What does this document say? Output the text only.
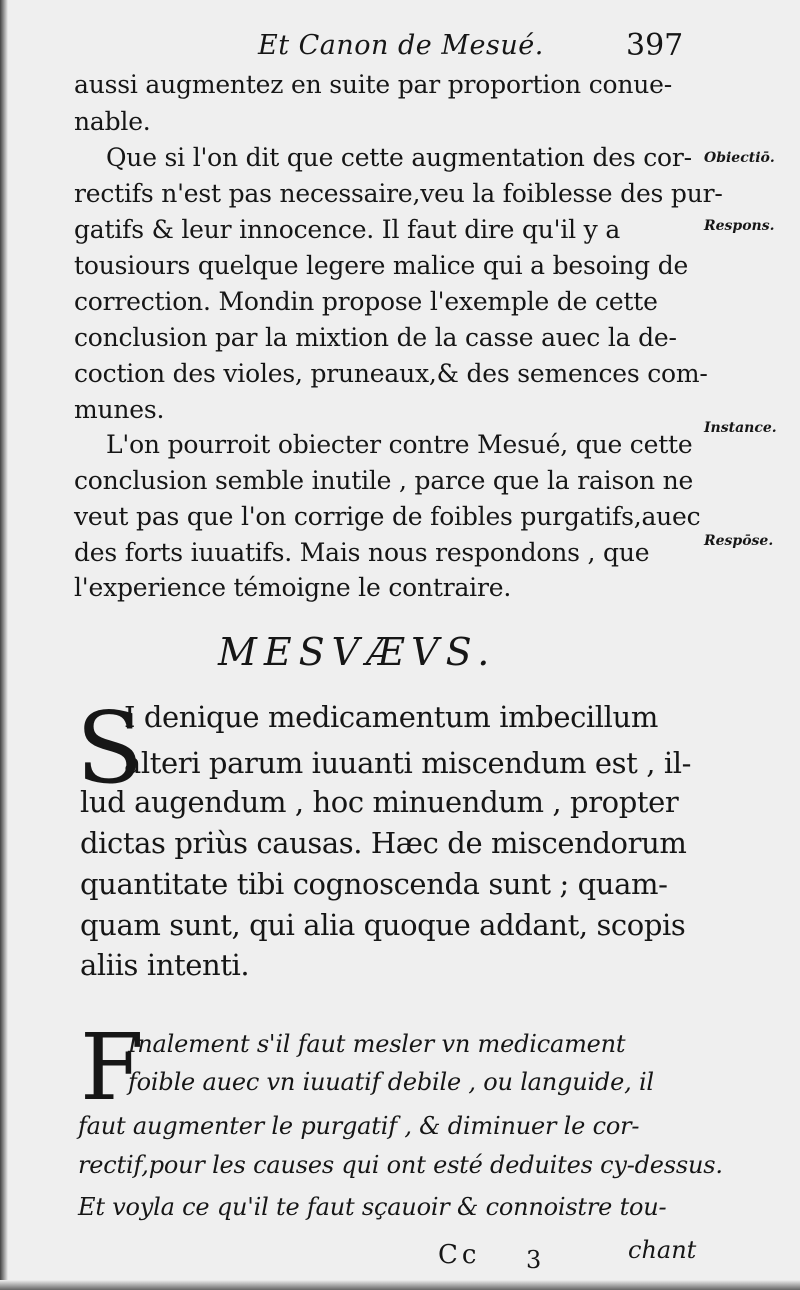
Et Canon de Mesué.	397
aussi augmentez en suite par proportion conue-
nable.
Que si l'on dit que cette augmentation des cor-
rectifs n'est pas necessaire,veu la foiblesse des pur-
gatifs & leur innocence. Il faut dire qu'il y a
tousiours quelque legere malice qui a besoing de
correction. Mondin propose l'exemple de cette
conclusion par la mixtion de la casse auec la de-
coction des violes, pruneaux,& des semences com-
munes.
L'on pourroit obiecter contre Mesué, que cette
conclusion semble inutile , parce que la raison ne
veut pas que l'on corrige de foibles purgatifs,auec
des forts iuuatifs. Mais nous respondons , que
l'experience témoigne le contraire.
Obiectiō.
Respons.
Instance.
Respōse.
MESVÆVS.
S
I denique medicamentum imbecillum
alteri parum iuuanti miscendum est , il-
lud augendum , hoc minuendum , propter
dictas priùs causas. Hæc de miscendorum
quantitate tibi cognoscenda sunt ; quam-
quam sunt, qui alia quoque addant, scopis
aliis intenti.
F
Inalement s'il faut mesler vn medicament
foible auec vn iuuatif debile , ou languide, il
faut augmenter le purgatif , & diminuer le cor-
rectif,pour les causes qui ont esté deduites cy-dessus.
Et voyla ce qu'il te faut sçauoir & connoistre tou-
Cc 3	chant
